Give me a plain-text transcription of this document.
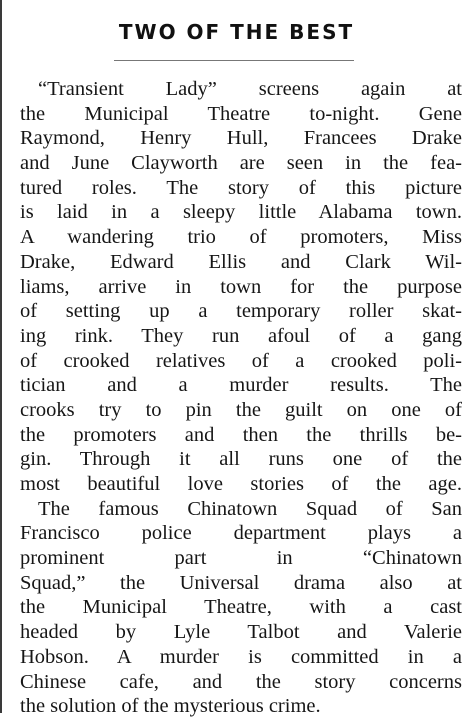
TWO OF THE BEST
“Transient Lady” screens again at
the Municipal Theatre to-night. Gene
Raymond, Henry Hull, Francees Drake
and June Clayworth are seen in the fea-
tured roles. The story of this picture
is laid in a sleepy little Alabama town.
A wandering trio of promoters, Miss
Drake, Edward Ellis and Clark Wil-
liams, arrive in town for the purpose
of setting up a temporary roller skat-
ing rink. They run afoul of a gang
of crooked relatives of a crooked poli-
tician and a murder results. The
crooks try to pin the guilt on one of
the promoters and then the thrills be-
gin. Through it all runs one of the
most beautiful love stories of the age.
The famous Chinatown Squad of San
Francisco police department plays a
prominent part in “Chinatown
Squad,” the Universal drama also at
the Municipal Theatre, with a cast
headed by Lyle Talbot and Valerie
Hobson. A murder is committed in a
Chinese cafe, and the story concerns
the solution of the mysterious crime.
